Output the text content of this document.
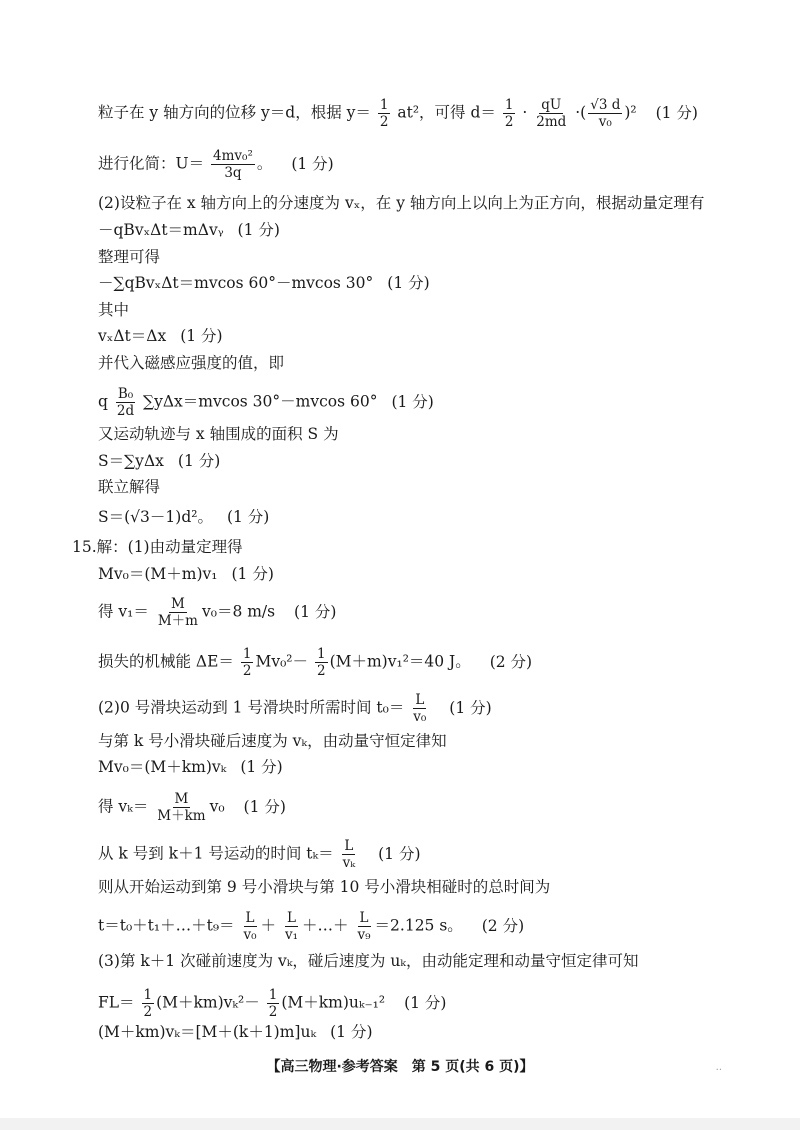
粒子在 y 轴方向的位移 y＝d，根据 $y= \frac{1}{2} at^2$，可得 $d= \frac{1}{2} \cdot \frac{qU}{2md}$ ·( $\frac{√3 d}{\text{v₀}} )^2$ (1 分)
进行化简：$U= \frac{\text{4mv₀²}}{3q}$ 。 (1 分)
(2)设粒子在 x 轴方向上的分速度为 vₓ，在 y 轴方向上以向上为正方向，根据动量定理有
－qBvₓΔt＝mΔvᵧ (1 分)
整理可得
－∑qBvₓΔt＝mvcos 60°－mvcos 30° (1 分)
其中
vₓΔt＝Δx (1 分)
并代入磁感应强度的值，即
q $\frac{\text{B₀}}{2d} \sum y\Delta x=mvcos$ 30°－mvcos 60° (1 分)
又运动轨迹与 x 轴围成的面积 S 为
S＝∑yΔx (1 分)
联立解得
S＝(√3－1)d²。 (1 分)
15.解：(1)由动量定理得
Mv₀＝(M＋m)v₁ (1 分)
得 $v_1= \frac{M}{M+m} v_0=8$ m/s (1 分)
损失的机械能 $\Delta E= \frac{1}{2} Mv_0^2- \frac{1}{2} (M+m)v_1^2=40$ J。 (2 分)
(2)0 号滑块运动到 1 号滑块时所需时间 $t_0= \frac{L}{\text{v₀}} (1$ 分)
与第 k 号小滑块碰后速度为 vₖ，由动量守恒定律知
Mv₀＝(M＋km)vₖ (1 分)
得 $v_k= \frac{M}{M+km} v_0$ (1 分)
从 k 号到 k＋1 号运动的时间 $t_k= \frac{L}{\text{vₖ}} (1$ 分)
则从开始运动到第 9 号小滑块与第 10 号小滑块相碰时的总时间为
t＝t₀＋t₁＋…＋t₉＝ $\frac{L}{\text{v₀}} + \frac{L}{\text{v₁}}$ ＋…＋ $\frac{L}{\text{v₉}} =2.125$ s。 (2 分)
(3)第 k＋1 次碰前速度为 vₖ，碰后速度为 uₖ，由动能定理和动量守恒定律可知
$FL= \frac{1}{2} (M+km)v_k^2- \frac{1}{2} (M+km)u_{k-1}^2$ (1 分)
(M＋km)vₖ＝[M＋(k＋1)m]uₖ (1 分)
【高三物理·参考答案　第 5 页(共 6 页)】	..
